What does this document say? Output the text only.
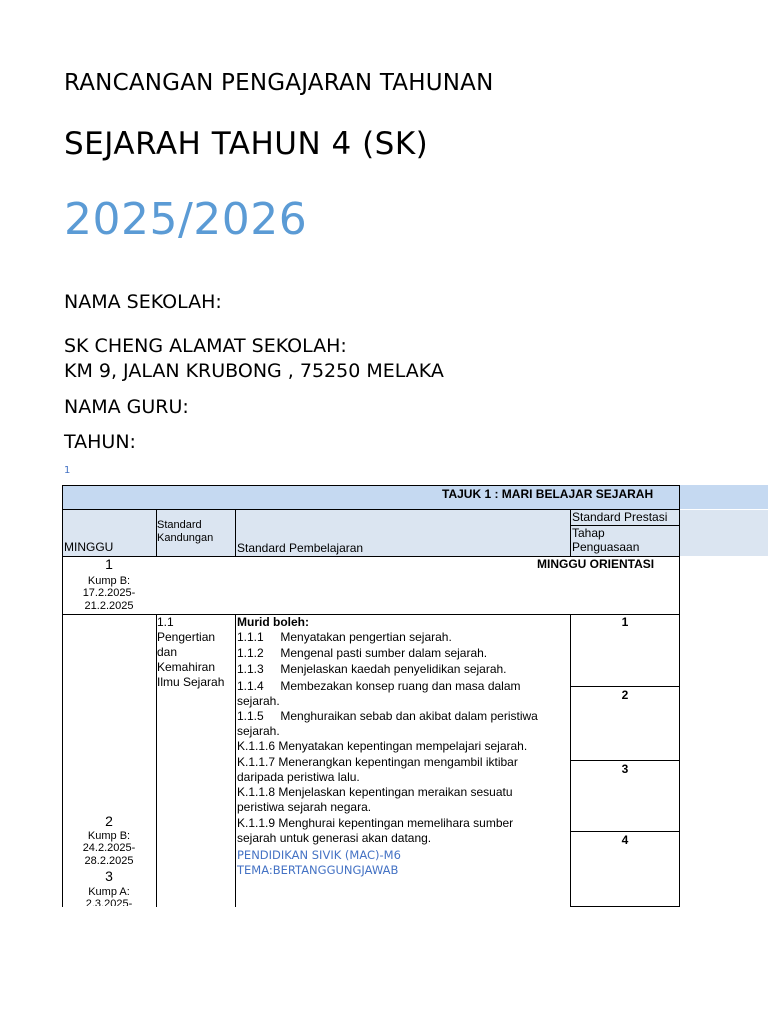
RANCANGAN PENGAJARAN TAHUNAN
SEJARAH TAHUN 4 (SK)
2025/2026
NAMA SEKOLAH:
SK CHENG ALAMAT SEKOLAH:
KM 9, JALAN KRUBONG , 75250 MELAKA
NAMA GURU:
TAHUN:
1
TAJUK 1 : MARI BELAJAR SEJARAH
MINGGU
Standard Kandungan
Standard Pembelajaran
Standard Prestasi
Tahap Penguasaan
1
Kump B:
17.2.2025- 21.2.2025
MINGGU ORIENTASI
2
Kump B:
24.2.2025- 28.2.2025
3
Kump A:
2.3.2025-
1.1 Pengertian dan Kemahiran Ilmu Sejarah
Murid boleh:
1.1.1     Menyatakan pengertian sejarah.
1.1.2     Mengenal pasti sumber dalam sejarah.
1.1.3     Menjelaskan kaedah penyelidikan sejarah.
1.1.4     Membezakan konsep ruang dan masa dalam
sejarah.
1.1.5     Menghuraikan sebab dan akibat dalam peristiwa
sejarah.
K.1.1.6 Menyatakan kepentingan mempelajari sejarah.
K.1.1.7 Menerangkan kepentingan mengambil iktibar
daripada peristiwa lalu.
K.1.1.8 Menjelaskan kepentingan meraikan sesuatu
peristiwa sejarah negara.
K.1.1.9 Menghurai kepentingan memelihara sumber
sejarah untuk generasi akan datang.
PENDIDIKAN SIVIK (MAC)-M6
TEMA:BERTANGGUNGJAWAB
1
2
3
4
